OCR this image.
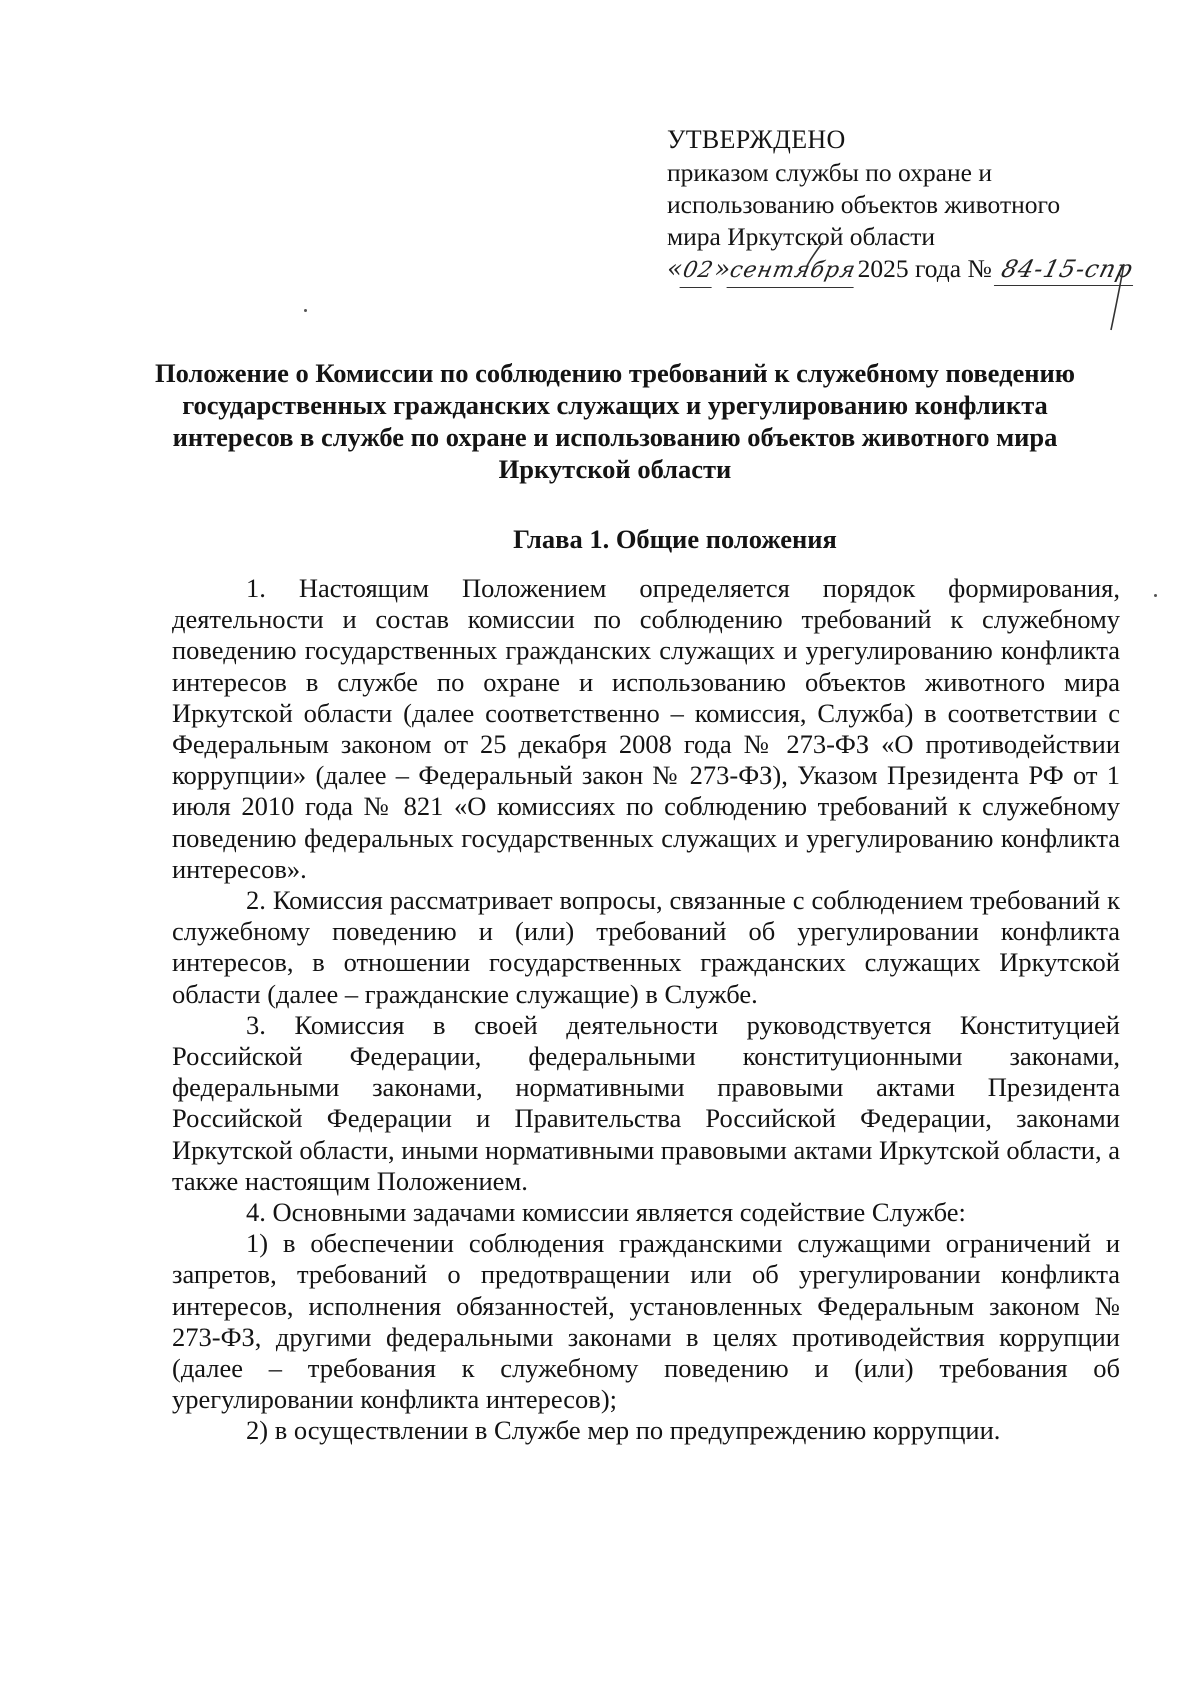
УТВЕРЖДЕНО
приказом службы по охране и
использованию объектов животного
мира Иркутской области
«02»сентября2025 года № 84-15-спр
Положение о Комиссии по соблюдению требований к служебному поведению государственных гражданских служащих и урегулированию конфликта интересов в службе по охране и использованию объектов животного мира Иркутской области
Глава 1. Общие положения

1. Настоящим Положением определяется порядок формирования, деятельности и состав комиссии по соблюдению требований к служебному поведению государственных гражданских служащих и урегулированию конфликта интересов в службе по охране и использованию объектов животного мира Иркутской области (далее соответственно – комиссия, Служба) в соответствии с Федеральным законом от 25 декабря 2008 года № 273-ФЗ «О противодействии коррупции» (далее – Федеральный закон № 273-ФЗ), Указом Президента РФ от 1 июля 2010 года № 821 «О комиссиях по соблюдению требований к служебному поведению федеральных государственных служащих и урегулированию конфликта интересов».

2. Комиссия рассматривает вопросы, связанные с соблюдением требований к служебному поведению и (или) требований об урегулировании конфликта интересов, в отношении государственных гражданских служащих Иркутской области (далее – гражданские служащие) в Службе.

3. Комиссия в своей деятельности руководствуется Конституцией Российской Федерации, федеральными конституционными законами, федеральными законами, нормативными правовыми актами Президента Российской Федерации и Правительства Российской Федерации, законами Иркутской области, иными нормативными правовыми актами Иркутской области, а также настоящим Положением.

4. Основными задачами комиссии является содействие Службе:

1) в обеспечении соблюдения гражданскими служащими ограничений и запретов, требований о предотвращении или об урегулировании конфликта интересов, исполнения обязанностей, установленных Федеральным законом № 273-ФЗ, другими федеральными законами в целях противодействия коррупции (далее – требования к служебному поведению и (или) требования об урегулировании конфликта интересов);

2) в осуществлении в Службе мер по предупреждению коррупции.
